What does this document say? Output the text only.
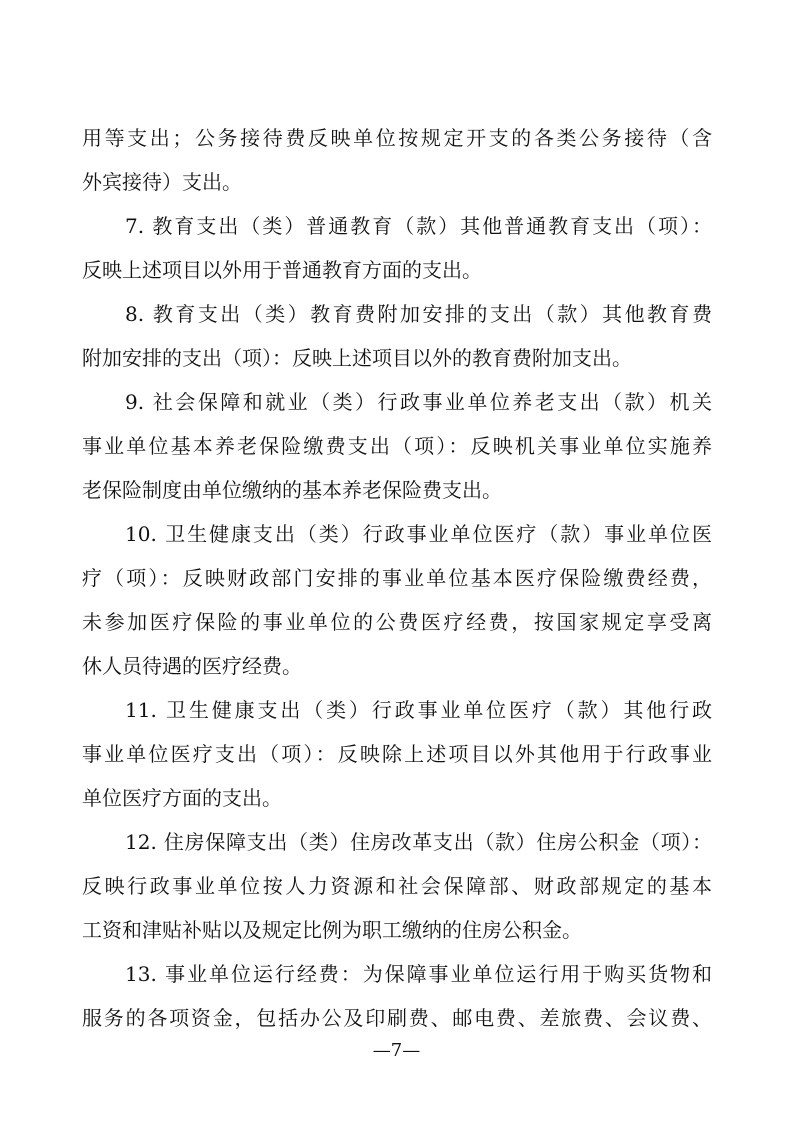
用等支出；公务接待费反映单位按规定开支的各类公务接待（含
外宾接待）支出。
7. 教育支出（类）普通教育（款）其他普通教育支出（项）：
反映上述项目以外用于普通教育方面的支出。
8. 教育支出（类）教育费附加安排的支出（款）其他教育费
附加安排的支出（项）：反映上述项目以外的教育费附加支出。
9. 社会保障和就业（类）行政事业单位养老支出（款）机关
事业单位基本养老保险缴费支出（项）：反映机关事业单位实施养
老保险制度由单位缴纳的基本养老保险费支出。
10. 卫生健康支出（类）行政事业单位医疗（款）事业单位医
疗（项）：反映财政部门安排的事业单位基本医疗保险缴费经费，
未参加医疗保险的事业单位的公费医疗经费，按国家规定享受离
休人员待遇的医疗经费。
11. 卫生健康支出（类）行政事业单位医疗（款）其他行政
事业单位医疗支出（项）：反映除上述项目以外其他用于行政事业
单位医疗方面的支出。
12. 住房保障支出（类）住房改革支出（款）住房公积金（项）：
反映行政事业单位按人力资源和社会保障部、财政部规定的基本
工资和津贴补贴以及规定比例为职工缴纳的住房公积金。
13. 事业单位运行经费：为保障事业单位运行用于购买货物和
服务的各项资金，包括办公及印刷费、邮电费、差旅费、会议费、
—7—
